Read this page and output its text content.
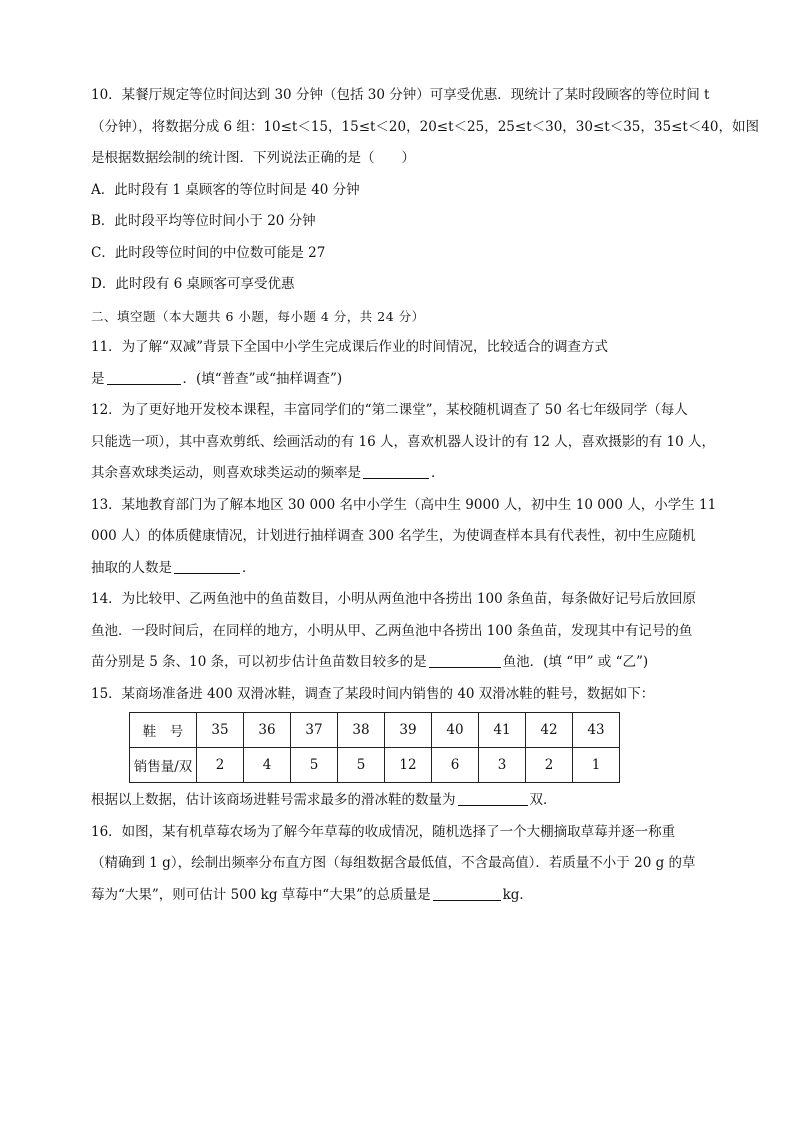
10．某餐厅规定等位时间达到 30 分钟（包括 30 分钟）可享受优惠．现统计了某时段顾客的等位时间 t

（分钟），将数据分成 6 组：10≤t＜15，15≤t＜20，20≤t＜25，25≤t＜30，30≤t＜35，35≤t＜40，如图

是根据数据绘制的统计图．下列说法正确的是（　　）

A．此时段有 1 桌顾客的等位时间是 40 分钟

B．此时段平均等位时间小于 20 分钟

C．此时段等位时间的中位数可能是 27

D．此时段有 6 桌顾客可享受优惠

二、填空题（本大题共 6 小题，每小题 4 分，共 24 分）

11．为了解“双减”背景下全国中小学生完成课后作业的时间情况，比较适合的调查方式

是	．(填“普查”或“抽样调查”)

12．为了更好地开发校本课程，丰富同学们的“第二课堂”，某校随机调查了 50 名七年级同学（每人

只能选一项），其中喜欢剪纸、绘画活动的有 16 人，喜欢机器人设计的有 12 人，喜欢摄影的有 10 人，

其余喜欢球类运动，则喜欢球类运动的频率是	．

13．某地教育部门为了解本地区 30 000 名中小学生（高中生 9000 人，初中生 10 000 人，小学生 11

000 人）的体质健康情况，计划进行抽样调查 300 名学生，为使调查样本具有代表性，初中生应随机

抽取的人数是	．

14．为比较甲、乙两鱼池中的鱼苗数目，小明从两鱼池中各捞出 100 条鱼苗，每条做好记号后放回原

鱼池．一段时间后，在同样的地方，小明从甲、乙两鱼池中各捞出 100 条鱼苗，发现其中有记号的鱼

苗分别是 5 条、10 条，可以初步估计鱼苗数目较多的是	鱼池．(填 “甲” 或 “乙”)

15．某商场准备进 400 双滑冰鞋，调查了某段时间内销售的 40 双滑冰鞋的鞋号，数据如下：

鞋　号	35	36	37	38	39	40	41	42	43
销售量/双	2	4	5	5	12	6	3	2	1

根据以上数据，估计该商场进鞋号需求最多的滑冰鞋的数量为	双．

16．如图，某有机草莓农场为了解今年草莓的收成情况，随机选择了一个大棚摘取草莓并逐一称重

（精确到 1 g），绘制出频率分布直方图（每组数据含最低值，不含最高值）．若质量不小于 20 g 的草

莓为“大果”，则可估计 500 kg 草莓中“大果”的总质量是	kg．
